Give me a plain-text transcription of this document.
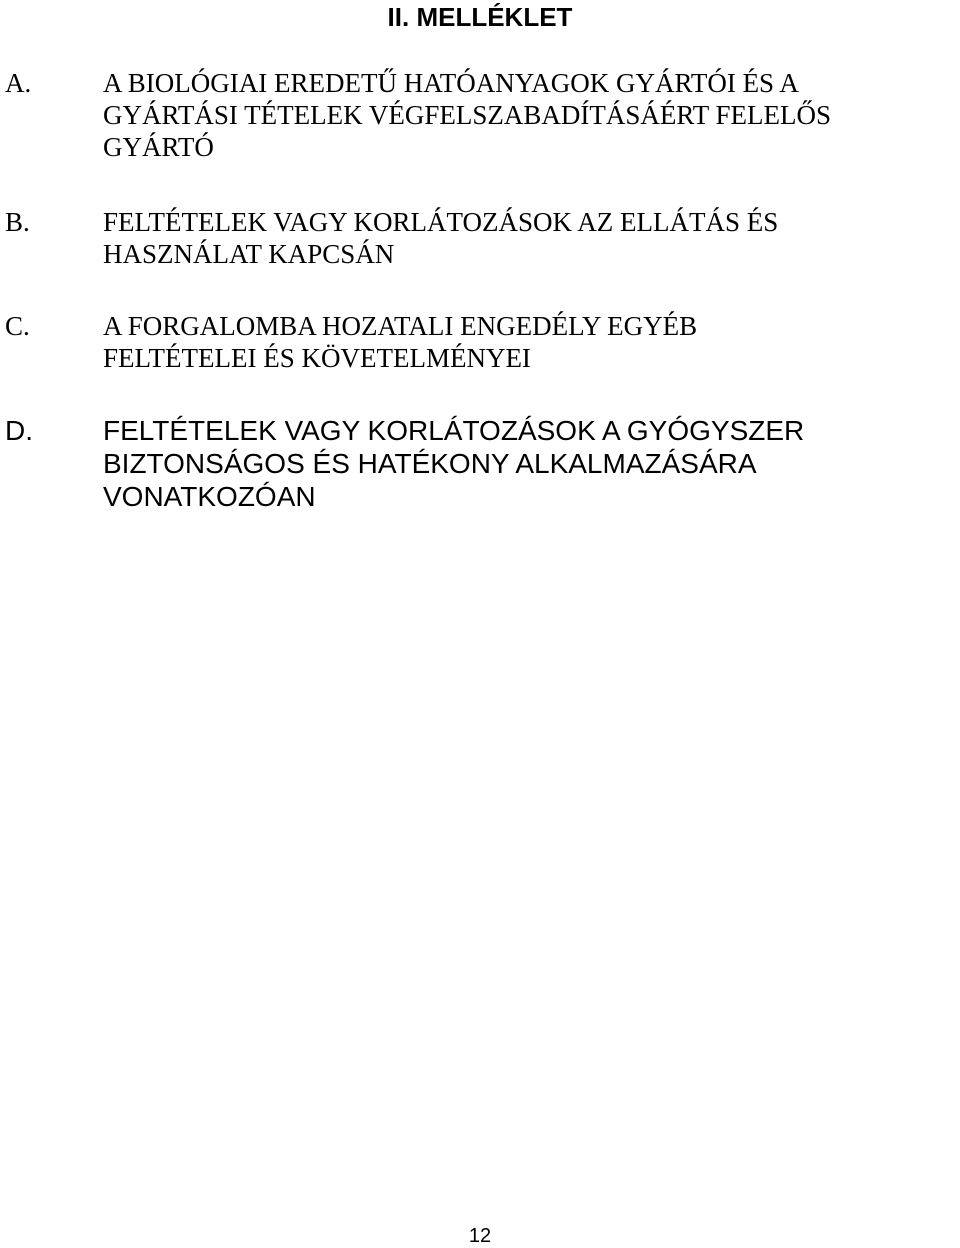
II. MELLÉKLET
A.	A BIOLÓGIAI EREDETŰ HATÓANYAGOK GYÁRTÓI ÉS A
GYÁRTÁSI TÉTELEK VÉGFELSZABADÍTÁSÁÉRT FELELŐS
GYÁRTÓ
B.	FELTÉTELEK VAGY KORLÁTOZÁSOK AZ ELLÁTÁS ÉS
HASZNÁLAT KAPCSÁN
C.	A FORGALOMBA HOZATALI ENGEDÉLY EGYÉB
FELTÉTELEI ÉS KÖVETELMÉNYEI
D.	FELTÉTELEK VAGY KORLÁTOZÁSOK A GYÓGYSZER
BIZTONSÁGOS ÉS HATÉKONY ALKALMAZÁSÁRA
VONATKOZÓAN
12
